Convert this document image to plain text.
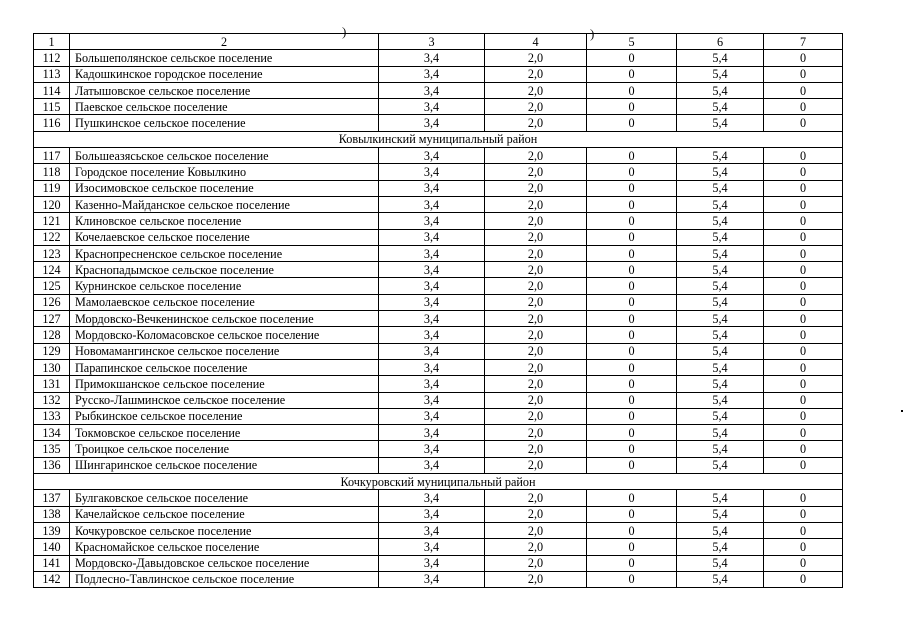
)	)
1	2	3	4	5	6	7
112	Большеполянское сельское поселение	3,4	2,0	0	5,4	0
113	Кадошкинское городское поселение	3,4	2,0	0	5,4	0
114	Латышовское сельское поселение	3,4	2,0	0	5,4	0
115	Паевское сельское поселение	3,4	2,0	0	5,4	0
116	Пушкинское сельское поселение	3,4	2,0	0	5,4	0
Ковылкинский муниципальный район						
117	Большеазясьское сельское поселение	3,4	2,0	0	5,4	0
118	Городское поселение Ковылкино	3,4	2,0	0	5,4	0
119	Изосимовское сельское поселение	3,4	2,0	0	5,4	0
120	Казенно-Майданское сельское поселение	3,4	2,0	0	5,4	0
121	Клиновское сельское поселение	3,4	2,0	0	5,4	0
122	Кочелаевское сельское поселение	3,4	2,0	0	5,4	0
123	Краснопресненское сельское поселение	3,4	2,0	0	5,4	0
124	Краснопадымское сельское поселение	3,4	2,0	0	5,4	0
125	Курнинское сельское поселение	3,4	2,0	0	5,4	0
126	Мамолаевское сельское поселение	3,4	2,0	0	5,4	0
127	Мордовско-Вечкенинское сельское поселение	3,4	2,0	0	5,4	0
128	Мордовско-Коломасовское сельское поселение	3,4	2,0	0	5,4	0
129	Новомамангинское сельское поселение	3,4	2,0	0	5,4	0
130	Парапинское сельское поселение	3,4	2,0	0	5,4	0
131	Примокшанское сельское поселение	3,4	2,0	0	5,4	0
132	Русско-Лашминское сельское поселение	3,4	2,0	0	5,4	0
133	Рыбкинское сельское поселение	3,4	2,0	0	5,4	0
134	Токмовское сельское поселение	3,4	2,0	0	5,4	0
135	Троицкое сельское поселение	3,4	2,0	0	5,4	0
136	Шингаринское сельское поселение	3,4	2,0	0	5,4	0
Кочкуровский муниципальный район						
137	Булгаковское сельское поселение	3,4	2,0	0	5,4	0
138	Качелайское сельское поселение	3,4	2,0	0	5,4	0
139	Кочкуровское сельское поселение	3,4	2,0	0	5,4	0
140	Красномайское сельское поселение	3,4	2,0	0	5,4	0
141	Мордовско-Давыдовское сельское поселение	3,4	2,0	0	5,4	0
142	Подлесно-Тавлинское сельское поселение	3,4	2,0	0	5,4	0
